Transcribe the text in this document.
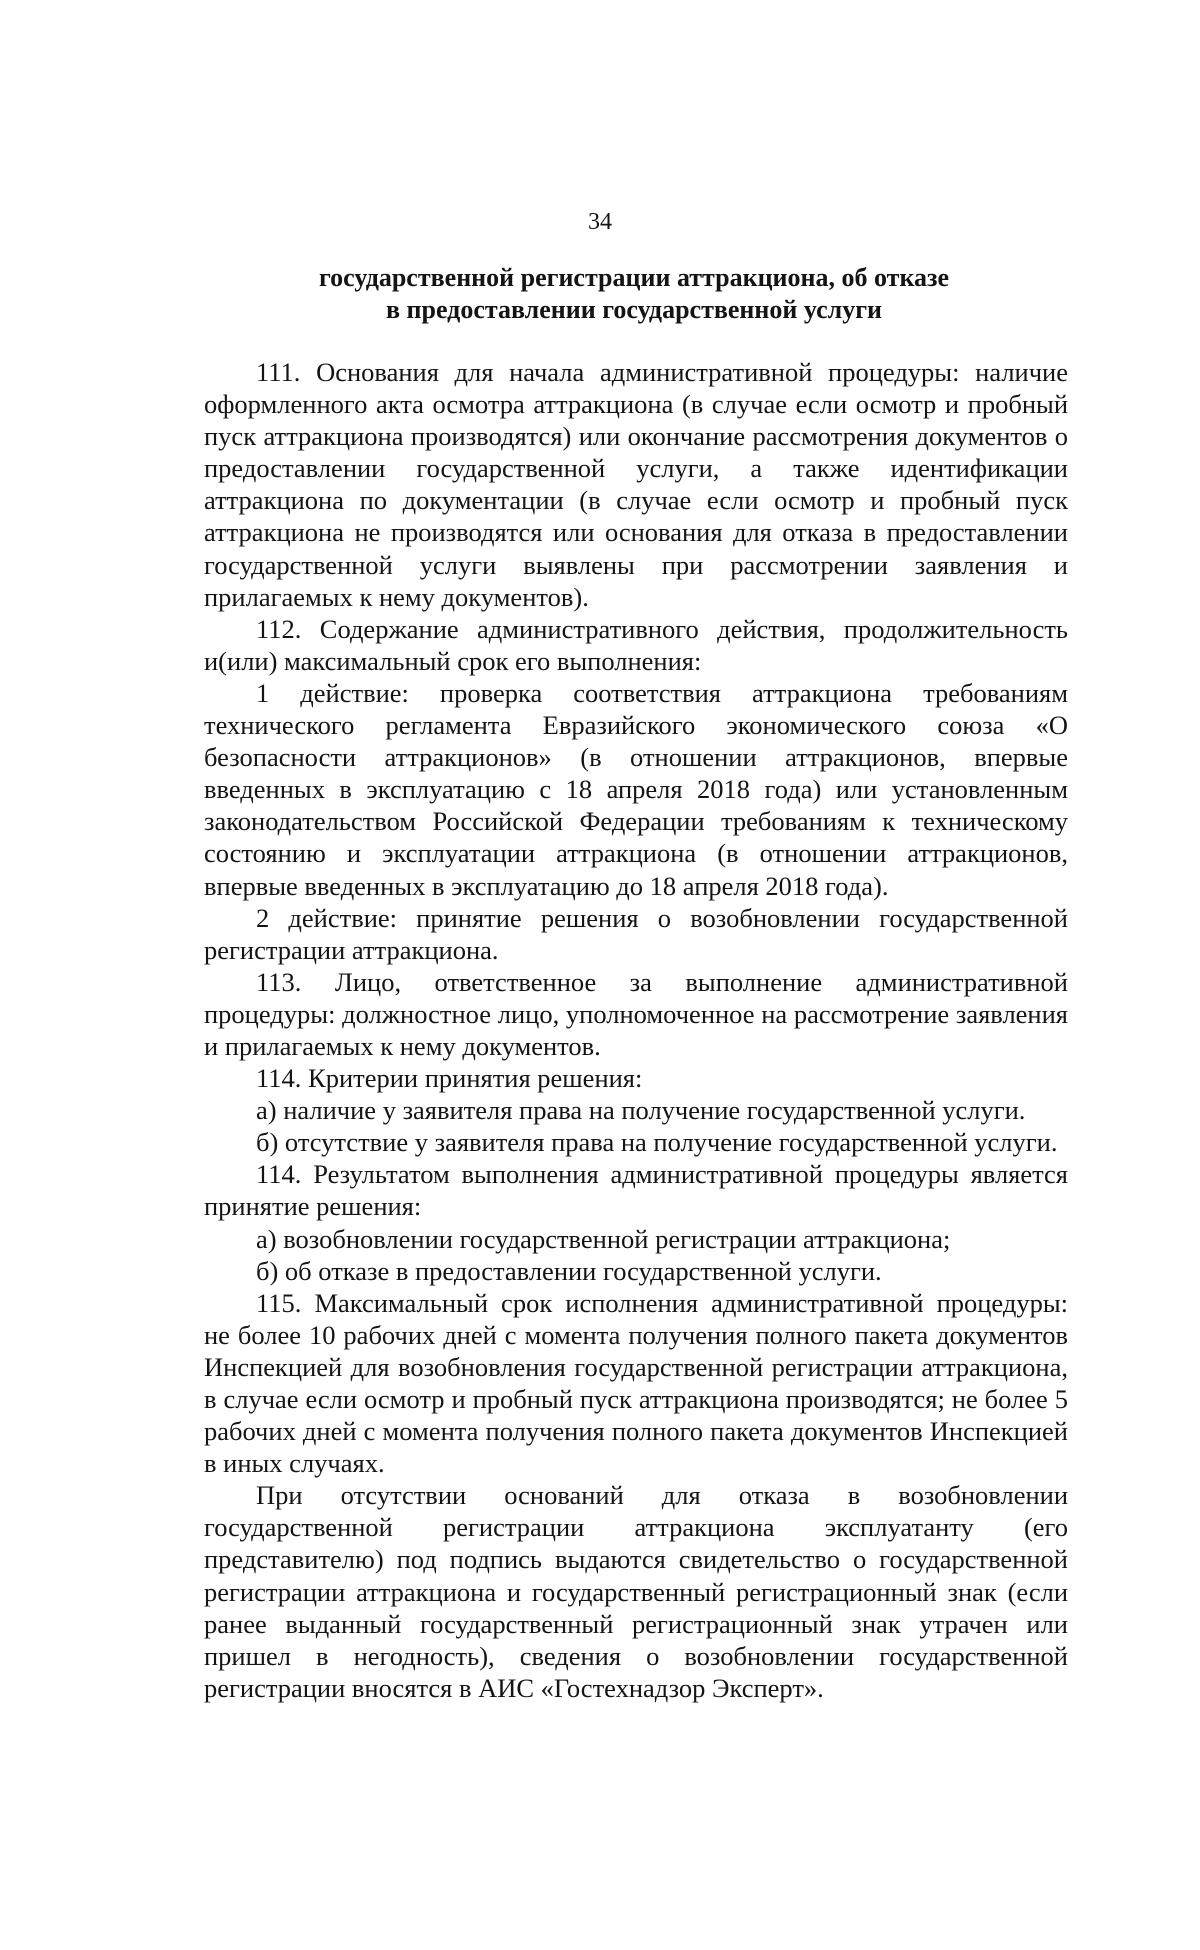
34
государственной регистрации аттракциона, об отказе
в предоставлении государственной услуги

111. Основания для начала административной процедуры: наличие оформленного акта осмотра аттракциона (в случае если осмотр и пробный пуск аттракциона производятся) или окончание рассмотрения документов о предоставлении государственной услуги, а также идентификации аттракциона по документации (в случае если осмотр и пробный пуск аттракциона не производятся или основания для отказа в предоставлении государственной услуги выявлены при рассмотрении заявления и прилагаемых к нему документов).

112. Содержание административного действия, продолжительность и(или) максимальный срок его выполнения:

1 действие: проверка соответствия аттракциона требованиям технического регламента Евразийского экономического союза «О безопасности аттракционов» (в отношении аттракционов, впервые введенных в эксплуатацию с 18 апреля 2018 года) или установленным законодательством Российской Федерации требованиям к техническому состоянию и эксплуатации аттракциона (в отношении аттракционов, впервые введенных в эксплуатацию до 18 апреля 2018 года).

2 действие: принятие решения о возобновлении государственной регистрации аттракциона.

113. Лицо, ответственное за выполнение административной процедуры: должностное лицо, уполномоченное на рассмотрение заявления и прилагаемых к нему документов.

114. Критерии принятия решения:

а) наличие у заявителя права на получение государственной услуги.

б) отсутствие у заявителя права на получение государственной услуги.

114. Результатом выполнения административной процедуры является принятие решения:

а) возобновлении государственной регистрации аттракциона;

б) об отказе в предоставлении государственной услуги.

115. Максимальный срок исполнения административной процедуры: не более 10 рабочих дней с момента получения полного пакета документов Инспекцией для возобновления государственной регистрации аттракциона, в случае если осмотр и пробный пуск аттракциона производятся; не более 5 рабочих дней с момента получения полного пакета документов Инспекцией в иных случаях.

При отсутствии оснований для отказа в возобновлении государственной регистрации аттракциона эксплуатанту (его представителю) под подпись выдаются свидетельство о государственной регистрации аттракциона и государственный регистрационный знак (если ранее выданный государственный регистрационный знак утрачен или пришел в негодность), сведения о возобновлении государственной регистрации вносятся в АИС «Гостехнадзор Эксперт».
